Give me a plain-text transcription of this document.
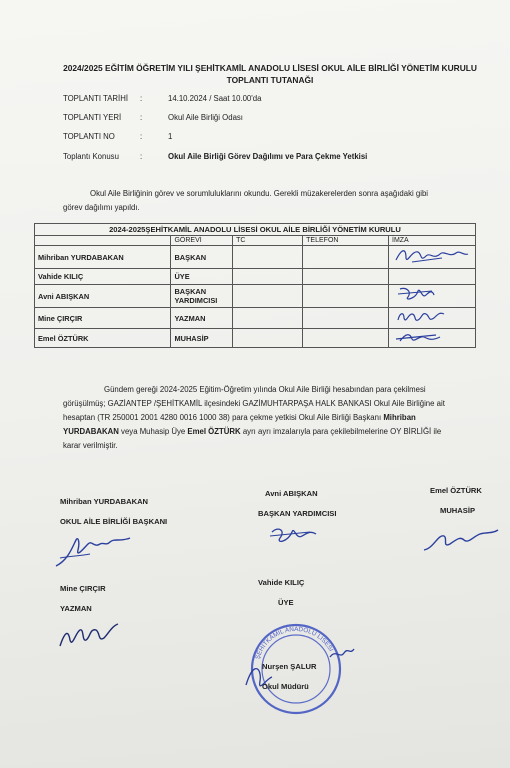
2024/2025 EĞİTİM ÖĞRETİM YILI ŞEHİTKAMİL ANADOLU LİSESİ OKUL AİLE BİRLİĞİ YÖNETİM KURULU
TOPLANTI TUTANAĞI
TOPLANTI TARİHİ :	14.10.2024 / Saat 10.00'da
TOPLANTI YERİ :	Okul Aile Birliği Odası
TOPLANTI NO	:	1
Toplantı Konusu	:	Okul Aile Birliği Görev Dağılımı ve Para Çekme Yetkisi
Okul Aile Birliğinin görev ve sorumluluklarını okundu. Gerekli müzakerelerden sonra aşağıdaki gibi
görev dağılımı yapıldı.
2024-2025ŞEHİTKAMİL ANADOLU LİSESİ OKUL AİLE BİRLİĞİ YÖNETİM KURULU				
	GÖREVİ	TC	TELEFON	İMZA
Mihriban YURDABAKAN	BAŞKAN			
Vahide KILIÇ	ÜYE			
Avni ABIŞKAN	BAŞKAN
YARDIMCISI

Mine ÇIRÇIR	YAZMAN			
Emel ÖZTÜRK	MUHASİP			
Gündem gereği 2024-2025 Eğitim-Öğretim yılında Okul Aile Birliği hesabından para çekilmesi
görüşülmüş; GAZİANTEP /ŞEHİTKAMİL ilçesindeki GAZİMUHTARPAŞA HALK BANKASI Okul Aile Birliğine ait
hesaptan (TR 250001 2001 4280 0016 1000 38) para çekme yetkisi Okul Aile Birliği Başkanı Mihriban
YURDABAKAN veya Muhasip Üye Emel ÖZTÜRK ayrı ayrı imzalarıyla para çekilebilmelerine OY BİRLİĞİ ile
karar verilmiştir.
Mihriban YURDABAKAN
OKUL AİLE BİRLİĞİ BAŞKANI
Avni ABIŞKAN
BAŞKAN YARDIMCISI
Emel ÖZTÜRK
MUHASİP
Mine ÇIRÇIR
YAZMAN
Vahide KILIÇ
ÜYE
ŞEHİTKAMİL ANADOLU LİSESİ
Nurşen ŞALUR
Okul Müdürü
